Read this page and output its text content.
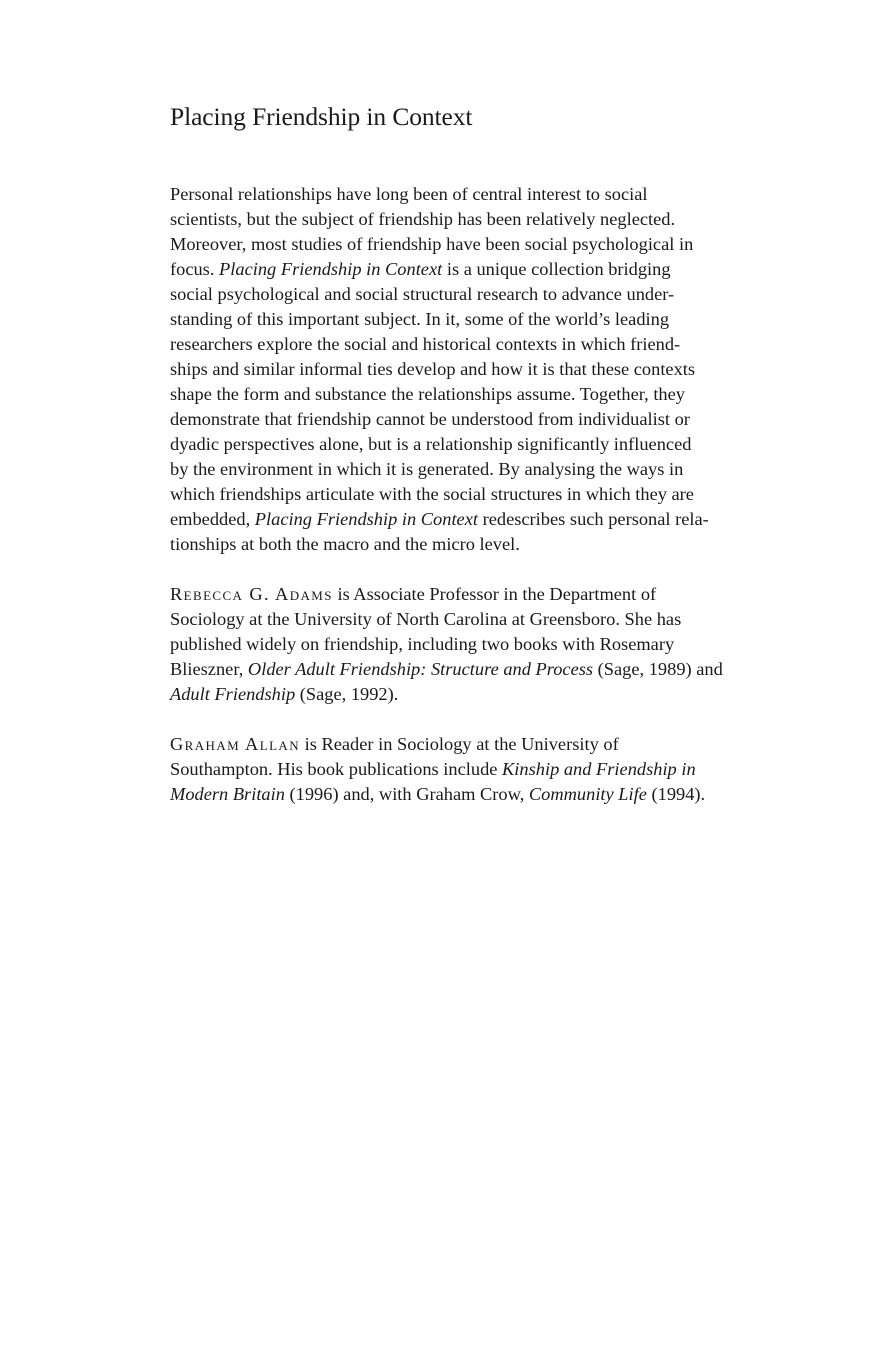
Placing Friendship in Context

Personal relationships have long been of central interest to social
scientists, but the subject of friendship has been relatively neglected.
Moreover, most studies of friendship have been social psychological in
focus. Placing Friendship in Context is a unique collection bridging
social psychological and social structural research to advance under-
standing of this important subject. In it, some of the world’s leading
researchers explore the social and historical contexts in which friend-
ships and similar informal ties develop and how it is that these contexts
shape the form and substance the relationships assume. Together, they
demonstrate that friendship cannot be understood from individualist or
dyadic perspectives alone, but is a relationship significantly influenced
by the environment in which it is generated. By analysing the ways in
which friendships articulate with the social structures in which they are
embedded, Placing Friendship in Context redescribes such personal rela-
tionships at both the macro and the micro level.

Rebecca G. Adams is Associate Professor in the Department of
Sociology at the University of North Carolina at Greensboro. She has
published widely on friendship, including two books with Rosemary
Blieszner, Older Adult Friendship: Structure and Process (Sage, 1989) and
Adult Friendship (Sage, 1992).

Graham Allan is Reader in Sociology at the University of
Southampton. His book publications include Kinship and Friendship in
Modern Britain (1996) and, with Graham Crow, Community Life (1994).
